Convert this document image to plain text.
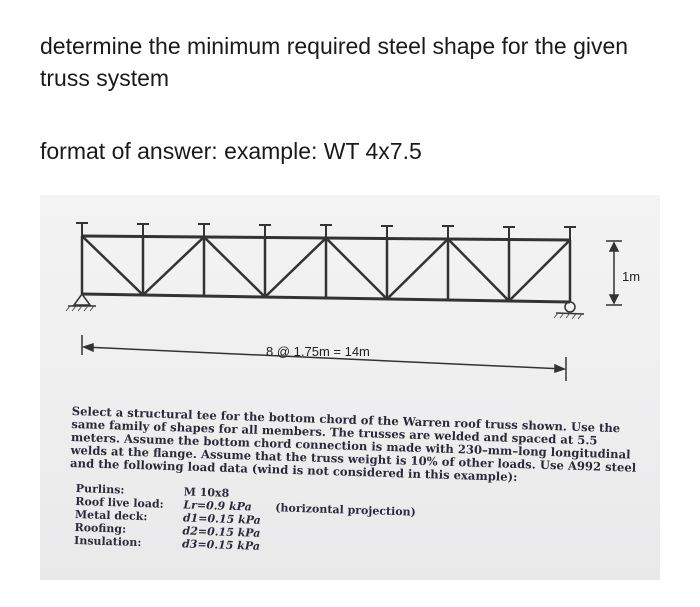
determine the minimum required steel shape for the given truss system

format of answer: example: WT 4x7.5

1m
8 @ 1.75m = 14m

Select a structural tee for the bottom chord of the Warren roof truss shown. Use the same family of shapes for all members. The trusses are welded and spaced at 5.5 meters. Assume the bottom chord connection is made with 230–mm–long longitudinal welds at the flange. Assume that the truss weight is 10% of other loads. Use A992 steel and the following load data (wind is not considered in this example):

Purlins:	M 10x8
Roof live load:	Lr=0.9 kPa	(horizontal projection)
Metal deck:	d1=0.15 kPa
Roofing:	d2=0.15 kPa
Insulation:	d3=0.15 kPa
